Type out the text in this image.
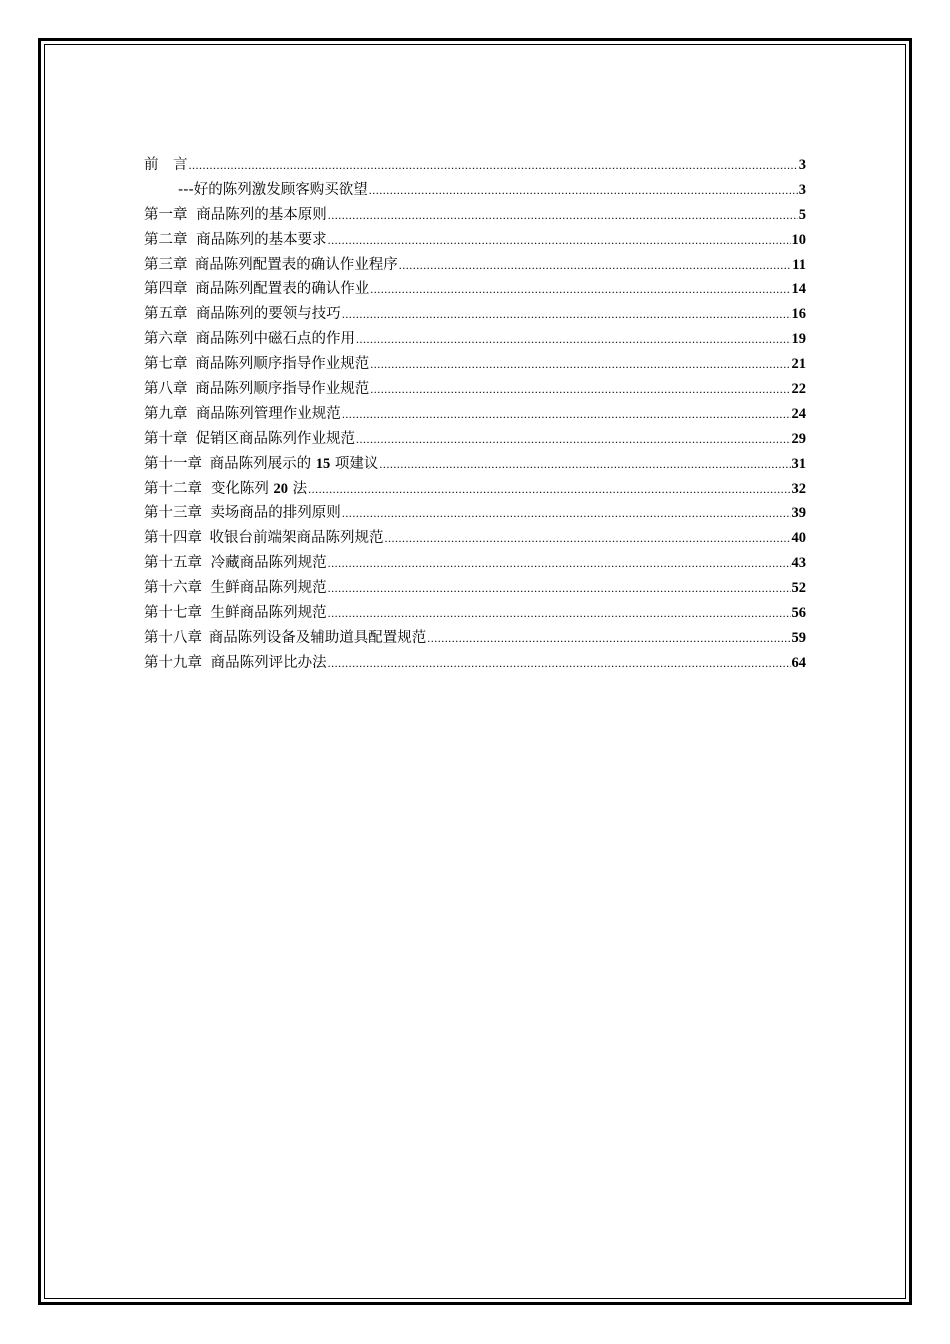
前　言 .....	3
---好的陈列激发顾客购买欲望 .....	3
第一章 商品陈列的基本原则 .....	5
第二章 商品陈列的基本要求 .....	10
第三章 商品陈列配置表的确认作业程序 .....	11
第四章 商品陈列配置表的确认作业 .....	14
第五章 商品陈列的要领与技巧 .....	16
第六章 商品陈列中磁石点的作用 .....	19
第七章 商品陈列顺序指导作业规范 .....	21
第八章 商品陈列顺序指导作业规范 .....	22
第九章 商品陈列管理作业规范 .....	24
第十章 促销区商品陈列作业规范 .....	29
第十一章 商品陈列展示的 15 项建议 .....	31
第十二章 变化陈列 20 法 .....	32
第十三章 卖场商品的排列原则 .....	39
第十四章 收银台前端架商品陈列规范 .....	40
第十五章 冷藏商品陈列规范 .....	43
第十六章 生鲜商品陈列规范 .....	52
第十七章 生鲜商品陈列规范 .....	56
第十八章 商品陈列设备及辅助道具配置规范 .....	59
第十九章 商品陈列评比办法 .....	64
